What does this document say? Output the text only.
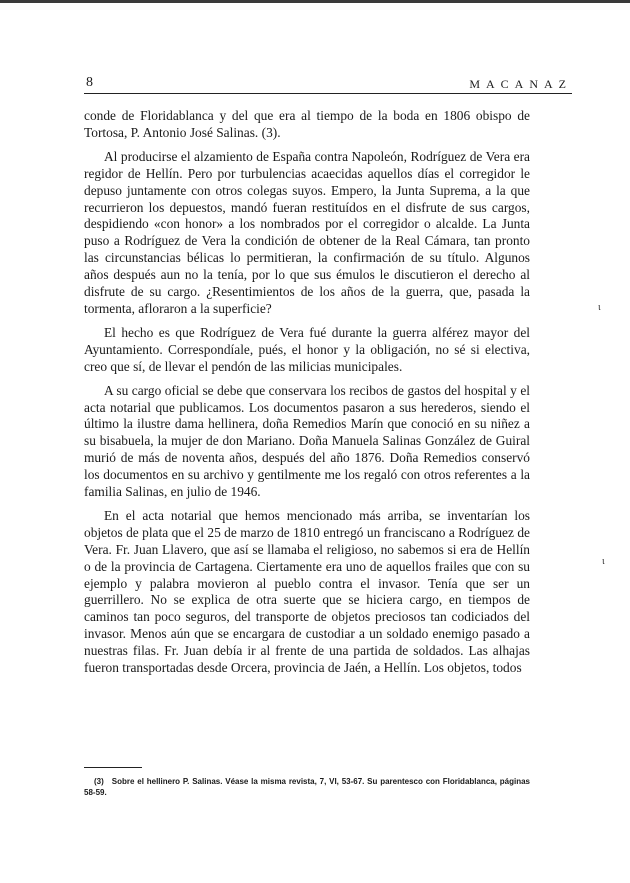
8	MACANAZ

conde de Floridablanca y del que era al tiempo de la boda en 1806 obispo de Tortosa, P. Antonio José Salinas. (3).

Al producirse el alzamiento de España contra Napoleón, Rodríguez de Vera era regidor de Hellín. Pero por turbulencias acaecidas aquellos días el corregidor le depuso juntamente con otros colegas suyos. Empero, la Junta Suprema, a la que recurrieron los depuestos, mandó fueran restituídos en el disfrute de sus cargos, despidiendo «con honor» a los nombrados por el corregidor o alcalde. La Junta puso a Rodríguez de Vera la condición de obtener de la Real Cámara, tan pronto las circunstancias bélicas lo permitieran, la confirmación de su título. Algunos años después aun no la tenía, por lo que sus émulos le discutieron el derecho al disfrute de su cargo. ¿Resentimientos de los años de la guerra, que, pasada la tormenta, afloraron a la superficie?

El hecho es que Rodríguez de Vera fué durante la guerra alférez mayor del Ayuntamiento. Correspondíale, pués, el honor y la obligación, no sé si electiva, creo que sí, de llevar el pendón de las milicias municipales.

A su cargo oficial se debe que conservara los recibos de gastos del hospital y el acta notarial que publicamos. Los documentos pasaron a sus herederos, siendo el último la ilustre dama hellinera, doña Remedios Marín que conoció en su niñez a su bisabuela, la mujer de don Mariano. Doña Manuela Salinas González de Guiral murió de más de noventa años, después del año 1876. Doña Remedios conservó los documentos en su archivo y gentilmente me los regaló con otros referentes a la familia Salinas, en julio de 1946.

En el acta notarial que hemos mencionado más arriba, se inventarían los objetos de plata que el 25 de marzo de 1810 entregó un franciscano a Rodríguez de Vera. Fr. Juan Llavero, que así se llamaba el religioso, no sabemos si era de Hellín o de la provincia de Cartagena. Ciertamente era uno de aquellos frailes que con su ejemplo y palabra movieron al pueblo contra el invasor. Tenía que ser un guerrillero. No se explica de otra suerte que se hiciera cargo, en tiempos de caminos tan poco seguros, del transporte de objetos preciosos tan codiciados del invasor. Menos aún que se encargara de custodiar a un soldado enemigo pasado a nuestras filas. Fr. Juan debía ir al frente de una partida de soldados. Las alhajas fueron transportadas desde Orcera, provincia de Jaén, a Hellín. Los objetos, todos

ι
ι
(3) Sobre el hellinero P. Salinas. Véase la misma revista, 7, VI, 53-67. Su parentesco con Floridablanca, páginas 58-59.
